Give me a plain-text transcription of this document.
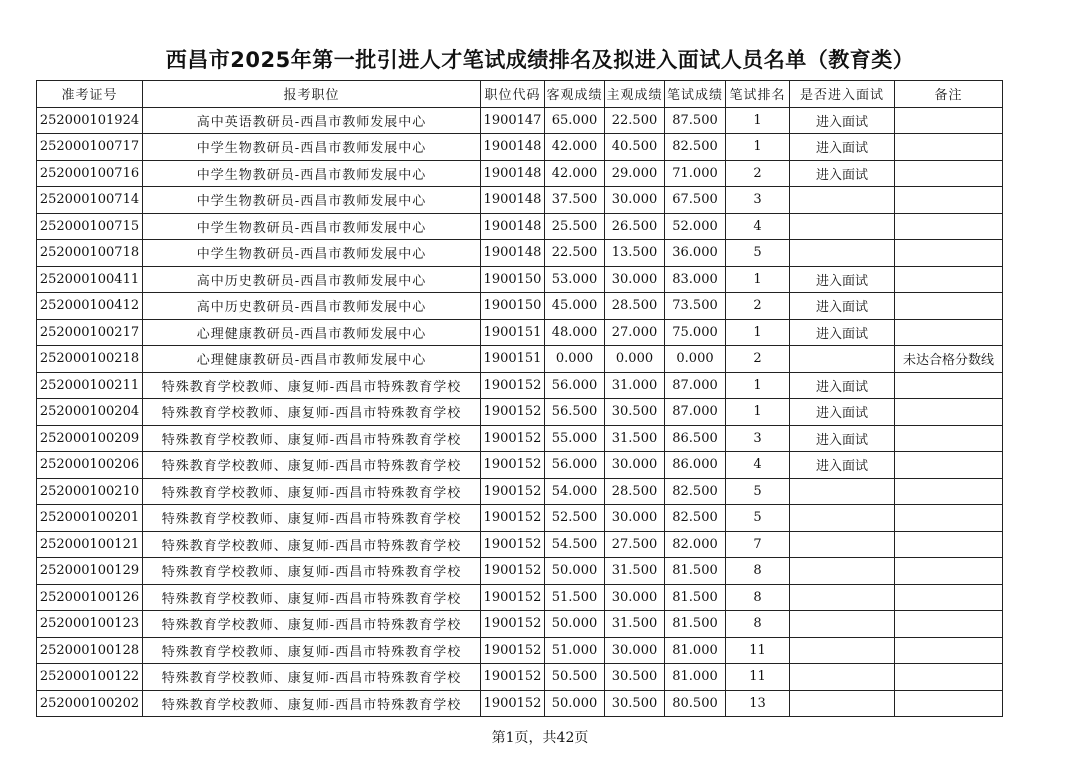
西昌市2025年第一批引进人才笔试成绩排名及拟进入面试人员名单（教育类）
准考证号	报考职位	职位代码	客观成绩	主观成绩	笔试成绩	笔试排名	是否进入面试	备注
252000101924	高中英语教研员-西昌市教师发展中心	1900147	65.000	22.500	87.500	1	进入面试	
252000100717	中学生物教研员-西昌市教师发展中心	1900148	42.000	40.500	82.500	1	进入面试	
252000100716	中学生物教研员-西昌市教师发展中心	1900148	42.000	29.000	71.000	2	进入面试	
252000100714	中学生物教研员-西昌市教师发展中心	1900148	37.500	30.000	67.500	3		
252000100715	中学生物教研员-西昌市教师发展中心	1900148	25.500	26.500	52.000	4		
252000100718	中学生物教研员-西昌市教师发展中心	1900148	22.500	13.500	36.000	5		
252000100411	高中历史教研员-西昌市教师发展中心	1900150	53.000	30.000	83.000	1	进入面试	
252000100412	高中历史教研员-西昌市教师发展中心	1900150	45.000	28.500	73.500	2	进入面试	
252000100217	心理健康教研员-西昌市教师发展中心	1900151	48.000	27.000	75.000	1	进入面试	
252000100218	心理健康教研员-西昌市教师发展中心	1900151	0.000	0.000	0.000	2		未达合格分数线
252000100211	特殊教育学校教师、康复师-西昌市特殊教育学校	1900152	56.000	31.000	87.000	1	进入面试	
252000100204	特殊教育学校教师、康复师-西昌市特殊教育学校	1900152	56.500	30.500	87.000	1	进入面试	
252000100209	特殊教育学校教师、康复师-西昌市特殊教育学校	1900152	55.000	31.500	86.500	3	进入面试	
252000100206	特殊教育学校教师、康复师-西昌市特殊教育学校	1900152	56.000	30.000	86.000	4	进入面试	
252000100210	特殊教育学校教师、康复师-西昌市特殊教育学校	1900152	54.000	28.500	82.500	5		
252000100201	特殊教育学校教师、康复师-西昌市特殊教育学校	1900152	52.500	30.000	82.500	5		
252000100121	特殊教育学校教师、康复师-西昌市特殊教育学校	1900152	54.500	27.500	82.000	7		
252000100129	特殊教育学校教师、康复师-西昌市特殊教育学校	1900152	50.000	31.500	81.500	8		
252000100126	特殊教育学校教师、康复师-西昌市特殊教育学校	1900152	51.500	30.000	81.500	8		
252000100123	特殊教育学校教师、康复师-西昌市特殊教育学校	1900152	50.000	31.500	81.500	8		
252000100128	特殊教育学校教师、康复师-西昌市特殊教育学校	1900152	51.000	30.000	81.000	11		
252000100122	特殊教育学校教师、康复师-西昌市特殊教育学校	1900152	50.500	30.500	81.000	11		
252000100202	特殊教育学校教师、康复师-西昌市特殊教育学校	1900152	50.000	30.500	80.500	13		
第1页，共42页
